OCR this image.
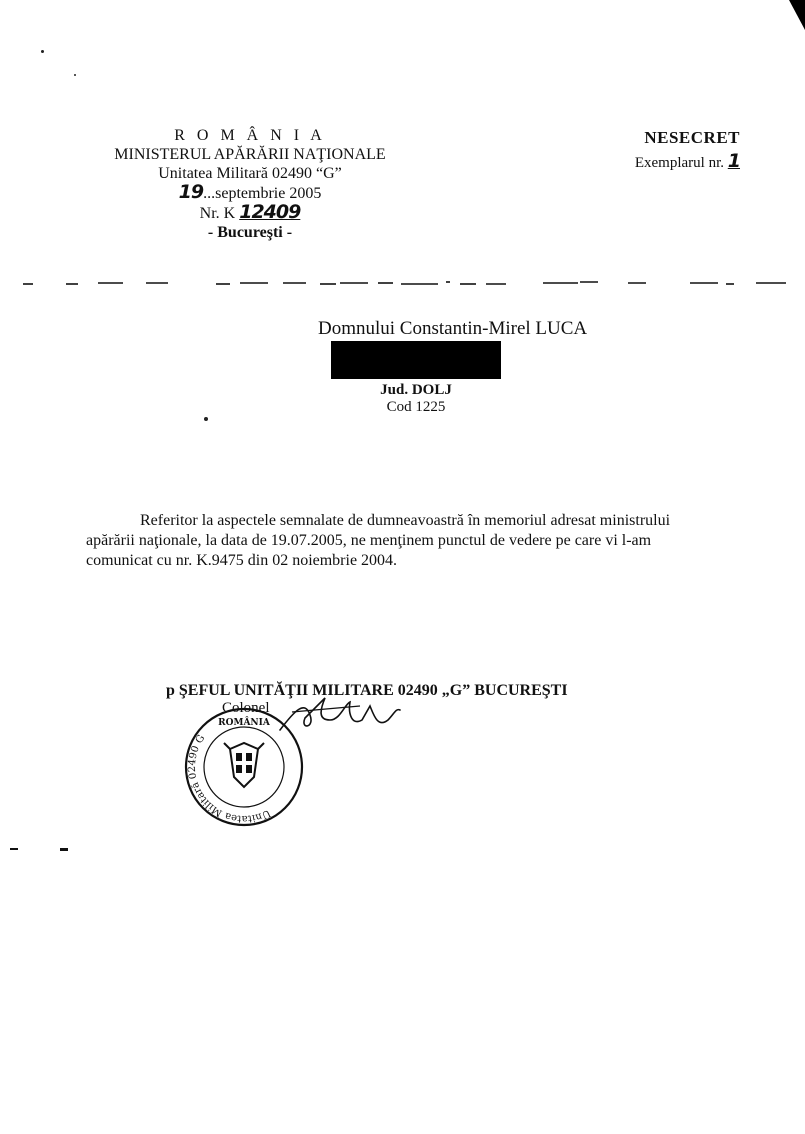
R O M Â N I A
MINISTERUL APĂRĂRII NAŢIONALE
Unitatea Militară 02490 “G”
19...septembrie 2005
Nr. K 12409
- Bucureşti -
NESECRET
Exemplarul nr. 1
Domnului Constantin-Mirel LUCA
Jud. DOLJ
Cod 1225

Referitor la aspectele semnalate de dumneavoastră în memoriul adresat ministrului

apărării naţionale, la data de 19.07.2005, ne menţinem punctul de vedere pe care vi l-am

comunicat cu nr. K.9475 din 02 noiembrie 2004.

p ŞEFUL UNITĂŢII MILITARE 02490 „G” BUCUREŞTI
Colonel
Unitatea Militară 02490 G
ROMÂNIA
